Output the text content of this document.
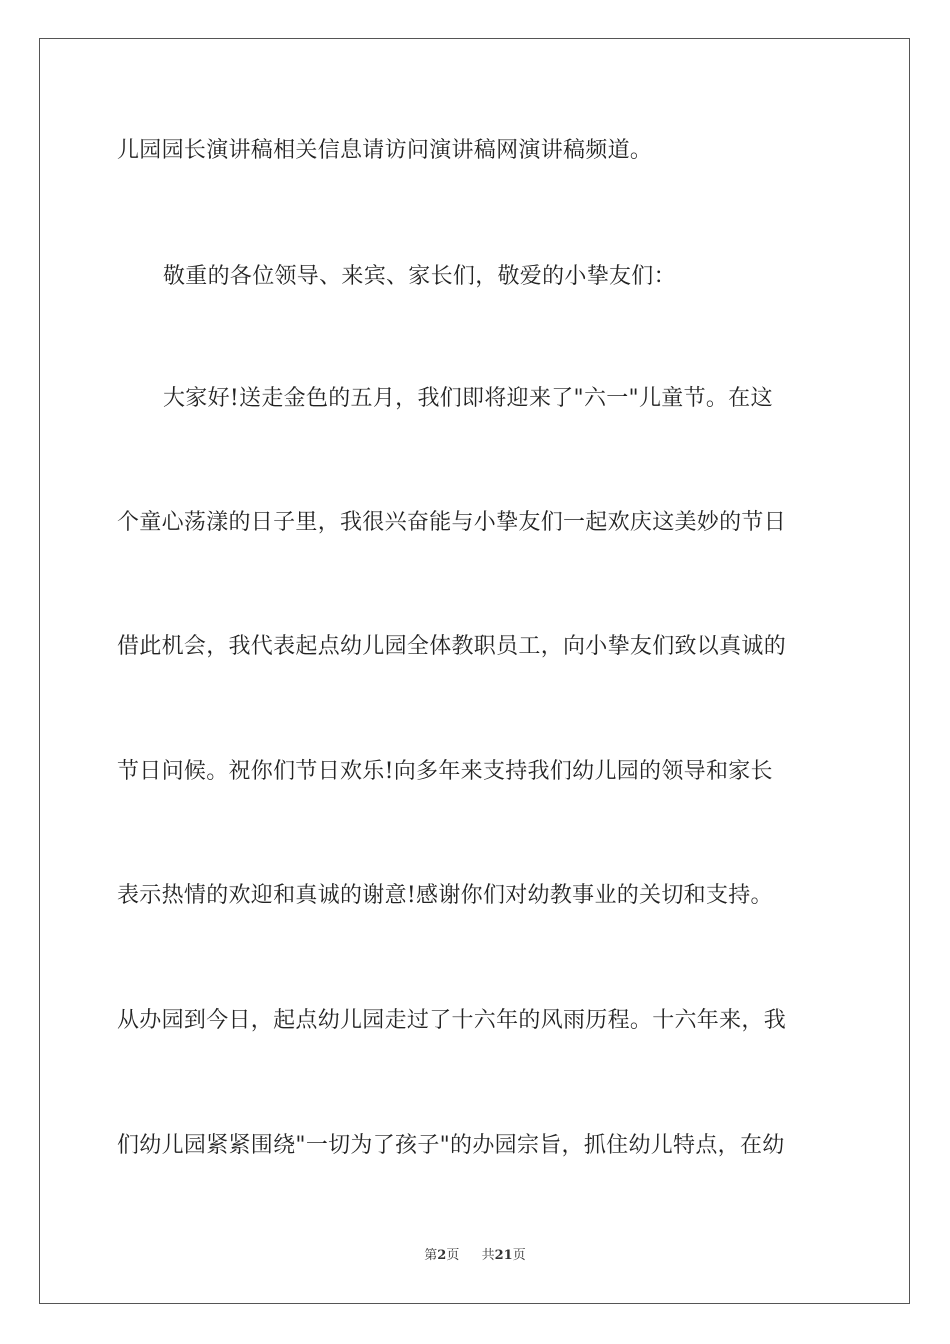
儿园园长演讲稿相关信息请访问演讲稿网演讲稿频道。
敬重的各位领导、来宾、家长们，敬爱的小挚友们：
大家好!送走金色的五月，我们即将迎来了"六一"儿童节。在这
个童心荡漾的日子里，我很兴奋能与小挚友们一起欢庆这美妙的节日
借此机会，我代表起点幼儿园全体教职员工，向小挚友们致以真诚的
节日问候。祝你们节日欢乐!向多年来支持我们幼儿园的领导和家长
表示热情的欢迎和真诚的谢意!感谢你们对幼教事业的关切和支持。
从办园到今日，起点幼儿园走过了十六年的风雨历程。十六年来，我
们幼儿园紧紧围绕"一切为了孩子"的办园宗旨，抓住幼儿特点，在幼
第2页 共21页
